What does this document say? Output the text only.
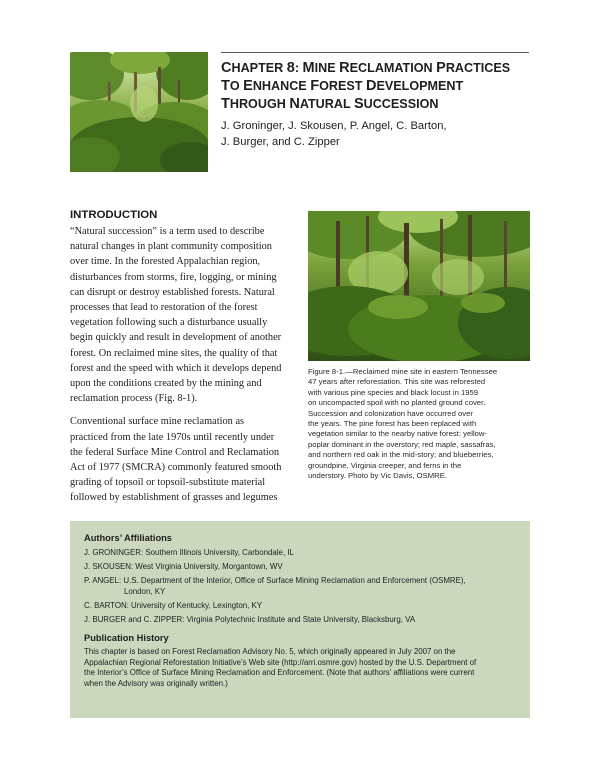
CHAPTER 8: MINE RECLAMATION PRACTICES
TO ENHANCE FOREST DEVELOPMENT
THROUGH NATURAL SUCCESSION
J. Groninger, J. Skousen, P. Angel, C. Barton,
J. Burger, and C. Zipper
INTRODUCTION
“Natural succession” is a term used to describe
natural changes in plant community composition
over time. In the forested Appalachian region,
disturbances from storms, fire, logging, or mining
can disrupt or destroy established forests. Natural
processes that lead to restoration of the forest
vegetation following such a disturbance usually
begin quickly and result in development of another
forest. On reclaimed mine sites, the quality of that
forest and the speed with which it develops depend
upon the conditions created by the mining and
reclamation process (Fig. 8-1).
Conventional surface mine reclamation as
practiced from the late 1970s until recently under
the federal Surface Mine Control and Reclamation
Act of 1977 (SMCRA) commonly featured smooth
grading of topsoil or topsoil-substitute material
followed by establishment of grasses and legumes
Figure 8-1.—Reclaimed mine site in eastern Tennessee
47 years after reforestation. This site was reforested
with various pine species and black locust in 1959
on uncompacted spoil with no planted ground cover.
Succession and colonization have occurred over
the years. The pine forest has been replaced with
vegetation similar to the nearby native forest: yellow-
poplar dominant in the overstory; red maple, sassafras,
and northern red oak in the mid-story; and blueberries,
groundpine, Virginia creeper, and ferns in the
understory. Photo by Vic Davis, OSMRE.
Authors’ Affiliations
J. GRONINGER: Southern Illinois University, Carbondale, IL
J. SKOUSEN: West Virginia University, Morgantown, WV
P. ANGEL: U.S. Department of the Interior, Office of Surface Mining Reclamation and Enforcement (OSMRE),
London, KY
C. BARTON: University of Kentucky, Lexington, KY
J. BURGER and C. ZIPPER: Virginia Polytechnic Institute and State University, Blacksburg, VA
Publication History
This chapter is based on Forest Reclamation Advisory No. 5, which originally appeared in July 2007 on the
Appalachian Regional Reforestation Initiative’s Web site (http://arri.osmre.gov) hosted by the U.S. Department of
the Interior’s Office of Surface Mining Reclamation and Enforcement. (Note that authors’ affiliations were current
when the Advisory was originally written.)
